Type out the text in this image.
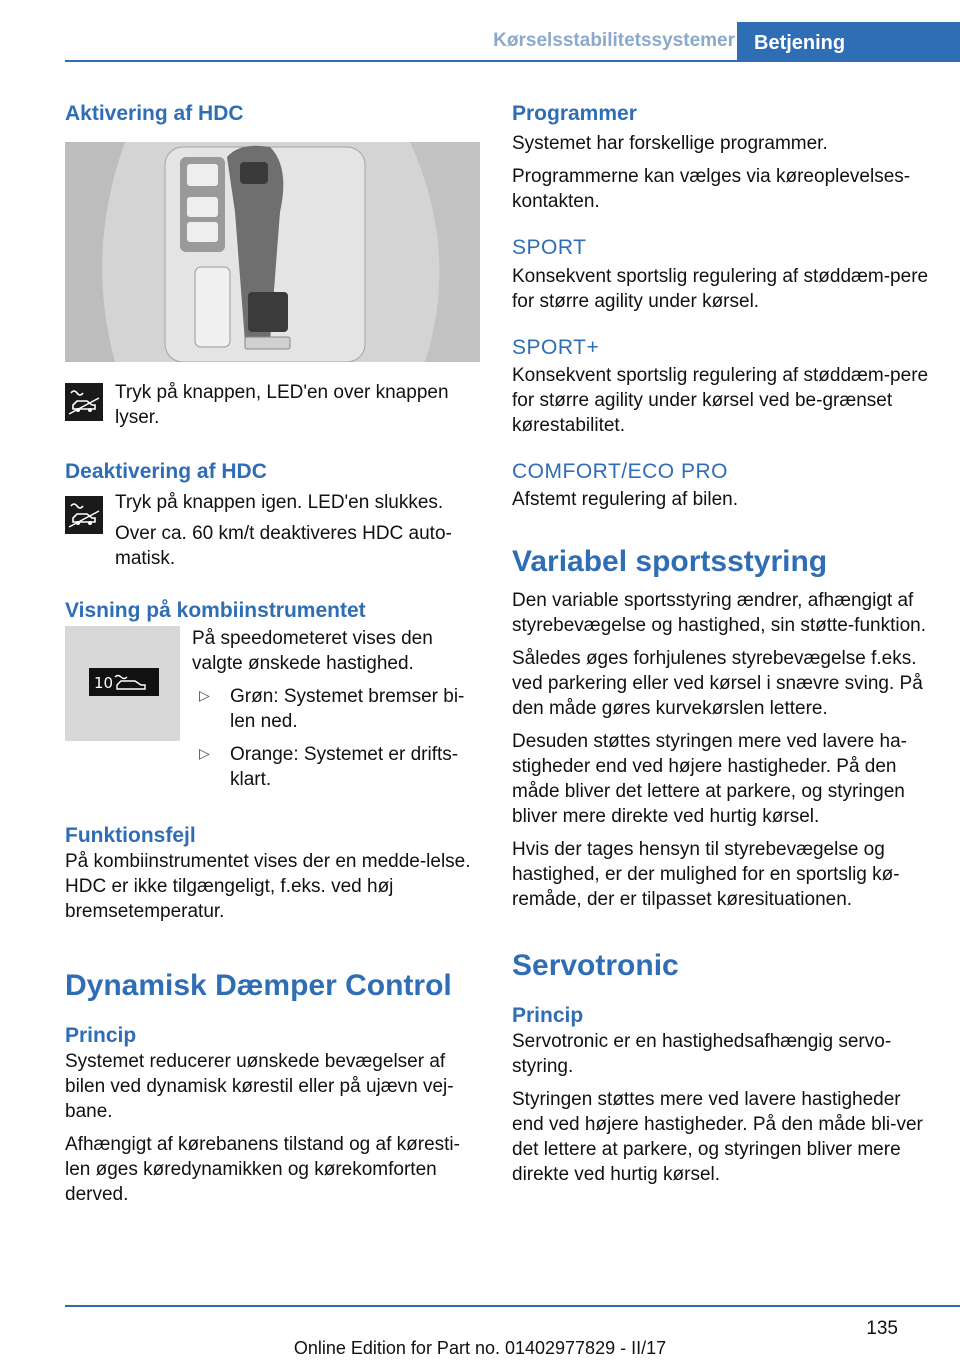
Kørselsstabilitetssystemer Betjening
Aktivering af HDC

Tryk på knappen, LED'en over knappen lyser.

Deaktivering af HDC

Tryk på knappen igen. LED'en slukkes.

Over ca. 60 km/t deaktiveres HDC auto‐matisk.

Visning på kombiinstrumentet
10

På speedometeret vises den valgte ønskede hastighed.

▷ Grøn: Systemet bremser bi‐len ned.

▷ Orange: Systemet er drifts‐klart.

Funktionsfejl

På kombiinstrumentet vises der en medde‐lelse. HDC er ikke tilgængeligt, f.eks. ved høj bremsetemperatur.

Dynamisk Dæmper Control
Princip

Systemet reducerer uønskede bevægelser af bilen ved dynamisk kørestil eller på ujævn vej‐bane.

Afhængigt af kørebanens tilstand og af køresti‐len øges køredynamikken og kørekomforten derved.

Programmer

Systemet har forskellige programmer.

Programmerne kan vælges via køreoplevelses‐kontakten.

SPORT

Konsekvent sportslig regulering af støddæm‐pere for større agility under kørsel.

SPORT+

Konsekvent sportslig regulering af støddæm‐pere for større agility under kørsel ved be‐grænset kørestabilitet.

COMFORT/ECO PRO

Afstemt regulering af bilen.

Variabel sportsstyring

Den variable sportsstyring ændrer, afhængigt af styrebevægelse og hastighed, sin støtte‐funktion.

Således øges forhjulenes styrebevægelse f.eks. ved parkering eller ved kørsel i snævre sving. På den måde gøres kurvekørslen lettere.

Desuden støttes styringen mere ved lavere ha‐stigheder end ved højere hastigheder. På den måde bliver det lettere at parkere, og styringen bliver mere direkte ved hurtig kørsel.

Hvis der tages hensyn til styrebevægelse og hastighed, er der mulighed for en sportslig kø‐remåde, der er tilpasset køresituationen.

Servotronic
Princip

Servotronic er en hastighedsafhængig servo‐styring.

Styringen støttes mere ved lavere hastigheder end ved højere hastigheder. På den måde bli‐ver det lettere at parkere, og styringen bliver mere direkte ved hurtig kørsel.

135
Online Edition for Part no. 01402977829 - II/17
